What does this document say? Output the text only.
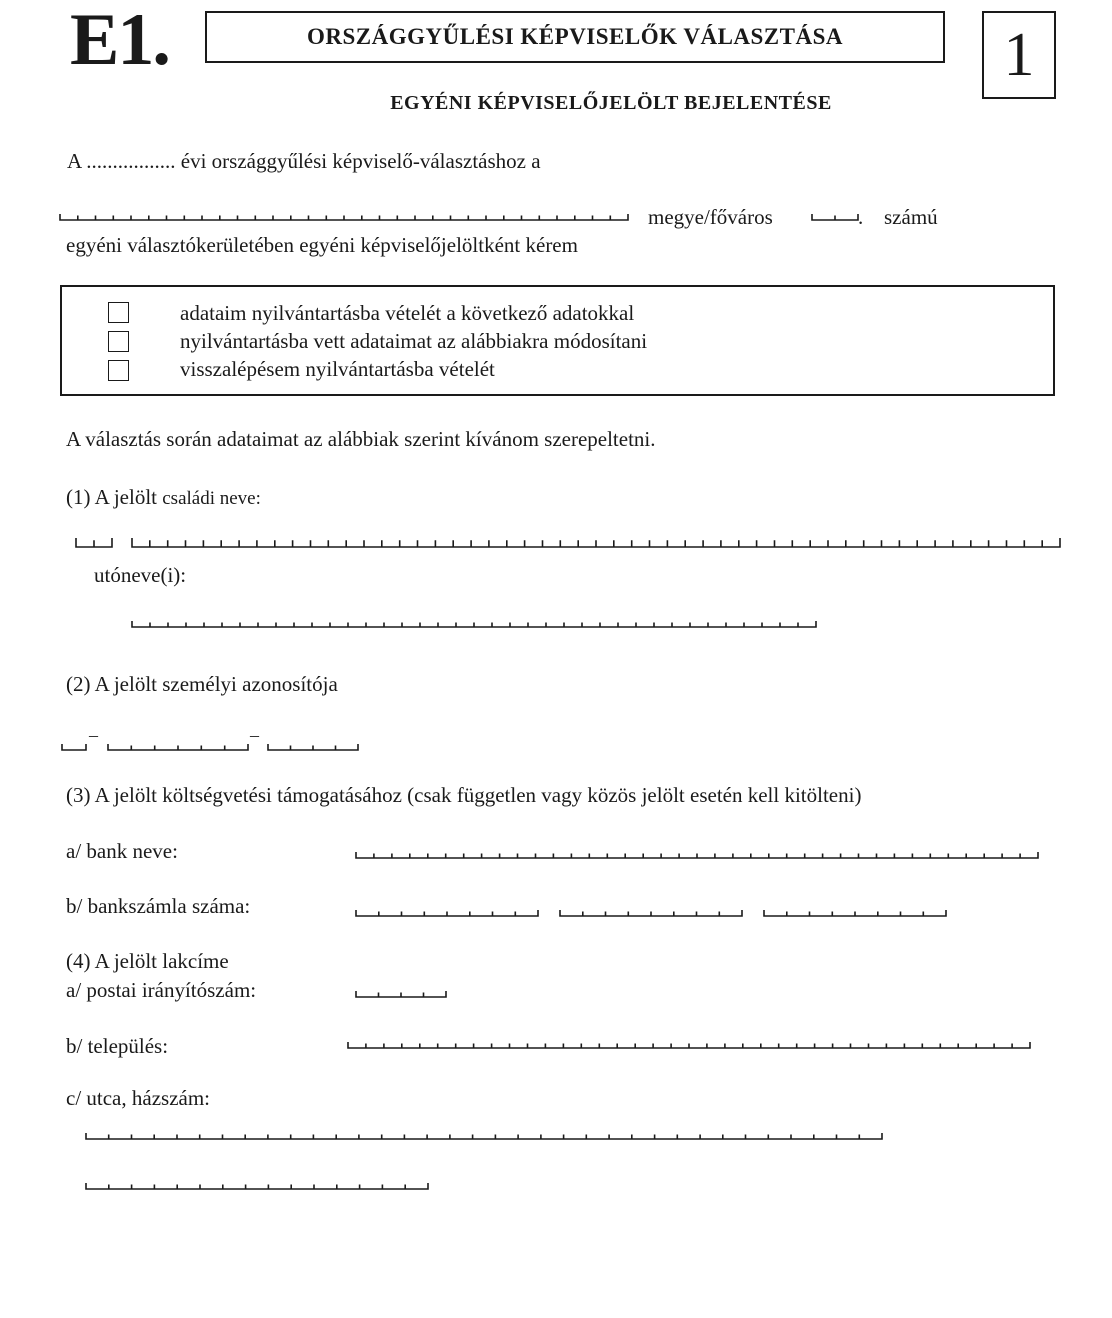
E1.	ORSZÁGGYŰLÉSI KÉPVISELŐK VÁLASZTÁSA	1
EGYÉNI KÉPVISELŐJELÖLT BEJELENTÉSE
A ................. évi országgyűlési képviselő-választáshoz a
megye/főváros	. számú
egyéni választókerületében egyéni képviselőjelöltként kérem
adataim nyilvántartásba vételét a következő adatokkal
nyilvántartásba vett adataimat az alábbiakra módosítani
visszalépésem nyilvántartásba vételét
A választás során adataimat az alábbiak szerint kívánom szerepeltetni.
(1) A jelölt családi neve:
utóneve(i):
(2) A jelölt személyi azonosítója
–	–
(3) A jelölt költségvetési támogatásához (csak független vagy közös jelölt esetén kell kitölteni)
a/ bank neve:
b/ bankszámla száma:
(4) A jelölt lakcíme
a/ postai irányítószám:
b/ település:
c/ utca, házszám:
